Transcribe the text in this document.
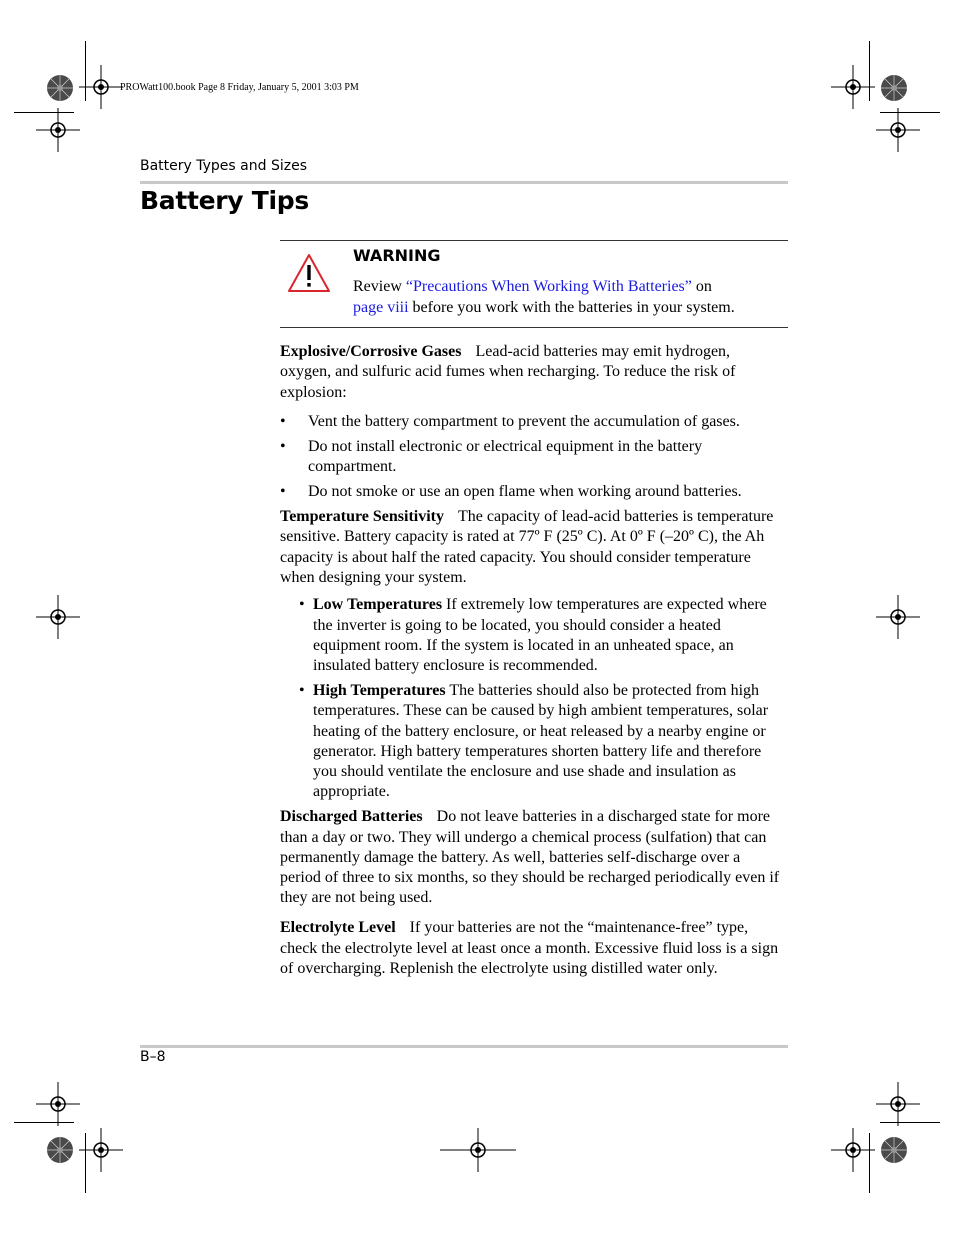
PROWatt100.book Page 8 Friday, January 5, 2001 3:03 PM
Battery Types and Sizes
Battery Tips
WARNING
Review “Precautions When Working With Batteries” on
page viii before you work with the batteries in your system.

Explosive/Corrosive Gases Lead-acid batteries may emit hydrogen, oxygen, and sulfuric acid fumes when recharging. To reduce the risk of explosion:

• Vent the battery compartment to prevent the accumulation of gases.
• Do not install electronic or electrical equipment in the battery compartment.
• Do not smoke or use an open flame when working around batteries.

Temperature Sensitivity The capacity of lead-acid batteries is temperature sensitive. Battery capacity is rated at 77º F (25º C). At 0º F (–20º C), the Ah capacity is about half the rated capacity. You should consider temperature when designing your system.

• Low Temperatures If extremely low temperatures are expected where the inverter is going to be located, you should consider a heated equipment room. If the system is located in an unheated space, an insulated battery enclosure is recommended.
• High Temperatures The batteries should also be protected from high temperatures. These can be caused by high ambient temperatures, solar heating of the battery enclosure, or heat released by a nearby engine or generator. High battery temperatures shorten battery life and therefore you should ventilate the enclosure and use shade and insulation as appropriate.

Discharged Batteries Do not leave batteries in a discharged state for more than a day or two. They will undergo a chemical process (sulfation) that can permanently damage the battery. As well, batteries self-discharge over a period of three to six months, so they should be recharged periodically even if they are not being used.

Electrolyte Level If your batteries are not the “maintenance-free” type, check the electrolyte level at least once a month. Excessive fluid loss is a sign of overcharging. Replenish the electrolyte using distilled water only.

B–8
